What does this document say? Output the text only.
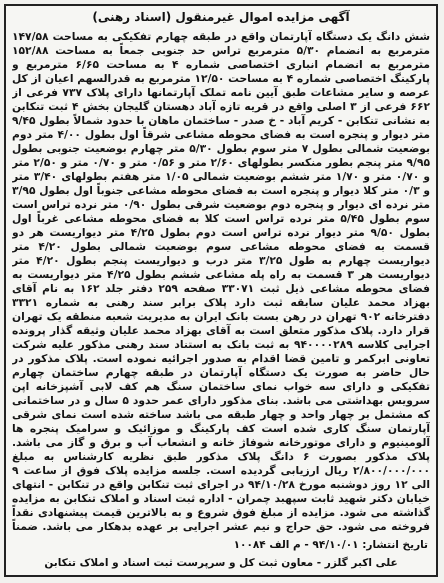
آگهی مزایده اموال غیرمنقول (اسناد رهنی)
شش دانگ یک دستگاه آپارتمان واقع در طبقه چهارم تفکیکی به مساحت ۱۴۷/۵۸ مترمربع به انضمام ۵/۳۰ مترمربع تراس حد جنوبی جمعاً به مساحت ۱۵۲/۸۸ مترمربع به انضمام انباری اختصاصی شماره ۴ به مساحت ۶/۶۵ مترمربع و پارکینگ اختصاصی شماره ۴ به مساحت ۱۲/۵۰ مترمربع به قدرالسهم اعیان از کل عرصه و سایر مشاعات طبق آیین نامه تملک آپارتمانها دارای پلاک ۷۳۷ فرعی از ۶۶۲ فرعی از ۳ اصلی واقع در قریه تازه آباد دهستان گلیجان بخش ۴ ثبت تنکابن به نشانی تنکابن - کریم آباد - خ صدر - ساختمان ماهان با حدود شمالاً بطول ۹/۴۵ متر دیوار و پنجره است به فضای محوطه مشاعی شرقاً اول بطول ۴/۰۰ متر دوم بوضعیت شمالی بطول ۷ متر سوم بطول ۵/۳۰ متر چهارم بوضعیت جنوبی بطول ۹/۹۵ متر پنجم بطور منکسر بطولهای ۲/۶۰ متر و ۰/۵۶ متر و ۰/۷۰ متر و ۲/۵۰ متر و ۰/۷۰ متر و ۱/۷۰ متر ششم بوضعیت شمالی ۱/۰۵ متر هفتم بطولهای ۳/۴۰ متر و ۰/۳ متر کلا دیوار و پنجره است به فضای محوطه مشاعی جنوباً اول بطول ۳/۹۵ متر نرده ای دیوار و پنجره دوم بوضعیت شرقی بطول ۰/۹۰ متر نرده تراس است سوم بطول ۵/۴۵ متر نرده تراس است کلا به فضای محوطه مشاعی غرباً اول بطول ۹/۵۰ متر دیوار نرده تراس است دوم بطول ۴/۲۵ متر دیواریست هر دو قسمت به فضای محوطه مشاعی سوم بوضعیت شمالی بطول ۴/۲۰ متر دیواریست چهارم به طول ۳/۲۵ متر درب و دیواریست پنجم بطول ۴/۲۰ متر دیواریست هر ۳ قسمت به راه پله مشاعی ششم بطول ۴/۲۵ متر دیواریست به فضای محوطه مشاعی ذیل ثبت ۳۳۰۷۱ صفحه ۲۵۹ دفتر جلد ۱۶۲ به نام آقای بهزاد محمد علیان سابقه ثبت دارد پلاک برابر سند رهنی به شماره ۳۳۲۱ دفترخانه ۹۰۲ تهران در رهن بست بانک ایران به مدیریت شعبه منطقه یک تهران قرار دارد. پلاک مذکور متعلق است به آقای بهزاد محمد علیان وثیقه گذار پرونده اجرایی کلاسه ۹۴۰۰۰۰۲۸۹ به ثبت بانک به استناد سند رهنی مذکور علیه شرکت تعاونی ابرکمر و تامین قضا اقدام به صدور اجرائیه نموده است. پلاک مذکور در حال حاضر به صورت یک دستگاه آپارتمان در طبقه چهارم ساختمان چهارم تفکیکی و دارای سه خواب نمای ساختمان سنگ هم کف لابی آشپزخانه اپن سرویس بهداشتی می باشد. بنای مذکور دارای عمر حدود ۵ سال و در ساختمانی که مشتمل بر چهار واحد و چهار طبقه می باشد ساخته شده است نمای شرقی آپارتمان سنگ کاری شده است کف پارکینگ و موزائیک و سرامیک پنجره ها آلومینیوم و دارای موتورخانه شوفاژ خانه و انشعاب آب و برق و گاز می باشد. پلاک مذکور بصورت ۶ دانگ پلاک مذکور طبق نظریه کارشناس به مبلغ ۲/۸۰۰/۰۰۰/۰۰۰ ریال ارزیابی گردیده است. جلسه مزایده پلاک فوق از ساعت ۹ الی ۱۲ روز دوشنبه مورخ ۹۴/۱۰/۲۸ در اجرای ثبت تنکابن واقع در تنکابن - انتهای خیابان دکتر شهید ثابت سپهبد چمران - اداره ثبت اسناد و املاک تنکابن به مزایده گذاشته می شود. مزایده از مبلغ فوق شروع و به بالاترین قیمت پیشنهادی نقداً فروخته می شود. حق حراج و نیم عشر اجرایی بر عهده بدهکار می باشد. ضمناً
تاریخ انتشار: ۹۴/۱۰/۰۱ - م الف ۱۰۰۸۴
علی اکبر گلزر - معاون ثبت کل و سرپرست ثبت اسناد و املاک تنکابن
